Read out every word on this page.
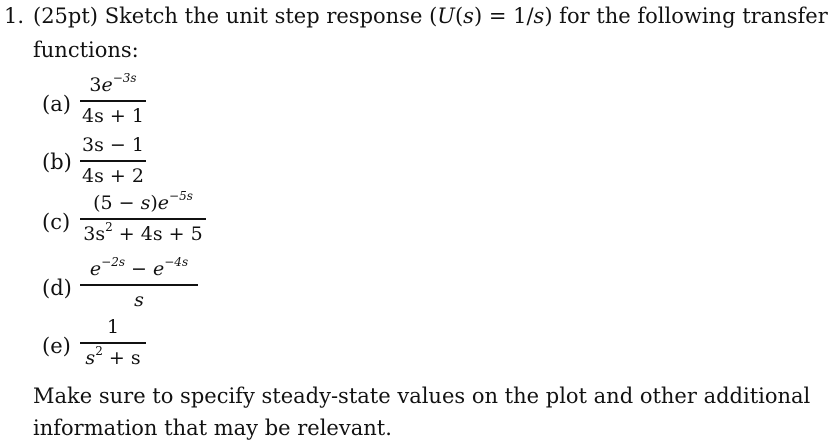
1. (25pt) Sketch the unit step response (U(s) = 1/s) for the following transfer
functions:
(a)
$3e^{-3s}$
4s + 1
(b)
3s − 1
4s + 2
(c)
$(5 - s)e^{-5s}$
$3s^2 + 4s + 5$
(d)
$e^{-2s} - e^{-4s}$
s
(e)
1
$s^2 + s$
Make sure to specify steady-state values on the plot and other additional
information that may be relevant.
